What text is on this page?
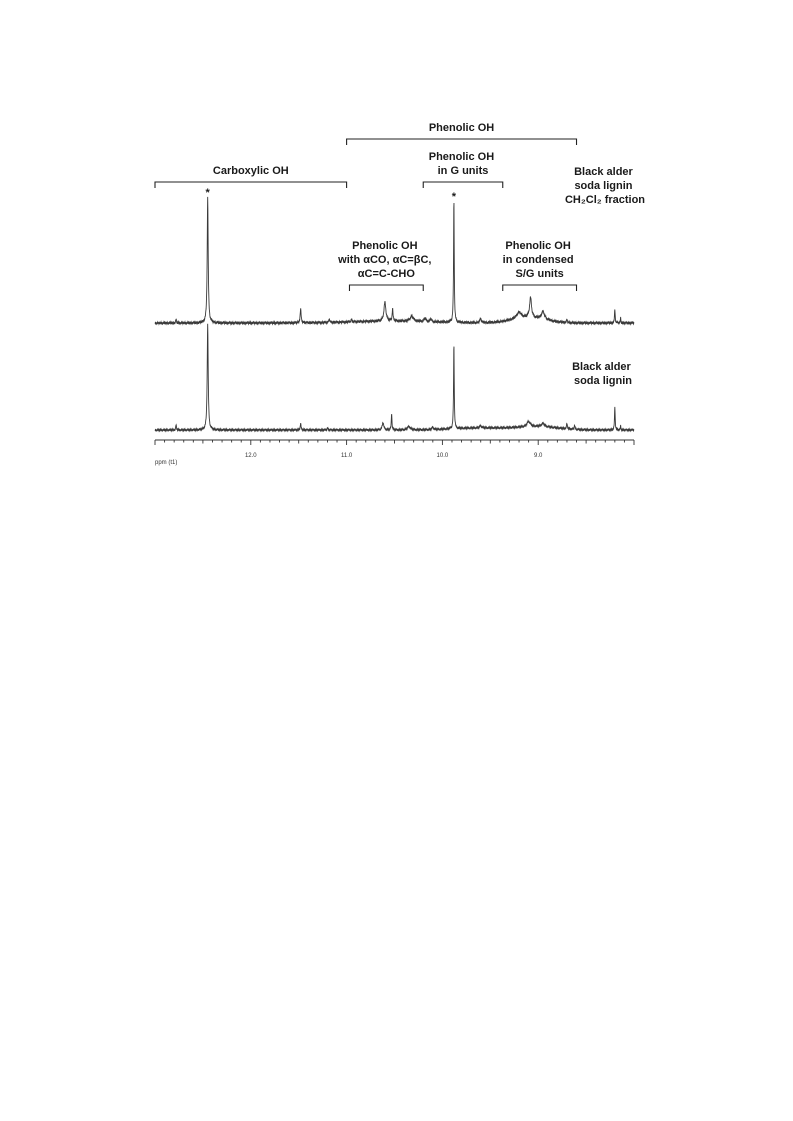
Phenolic OH
Carboxylic OH
Phenolic OH in G units
Phenolic OH with αCO, αC=βC, αC=C-CHO
Phenolic OH in condensed S/G units
*	*
Black alder soda lignin CH₂Cl₂ fraction
Black alder soda lignin
12.0	11.0	10.0	9.0
ppm (t1)
